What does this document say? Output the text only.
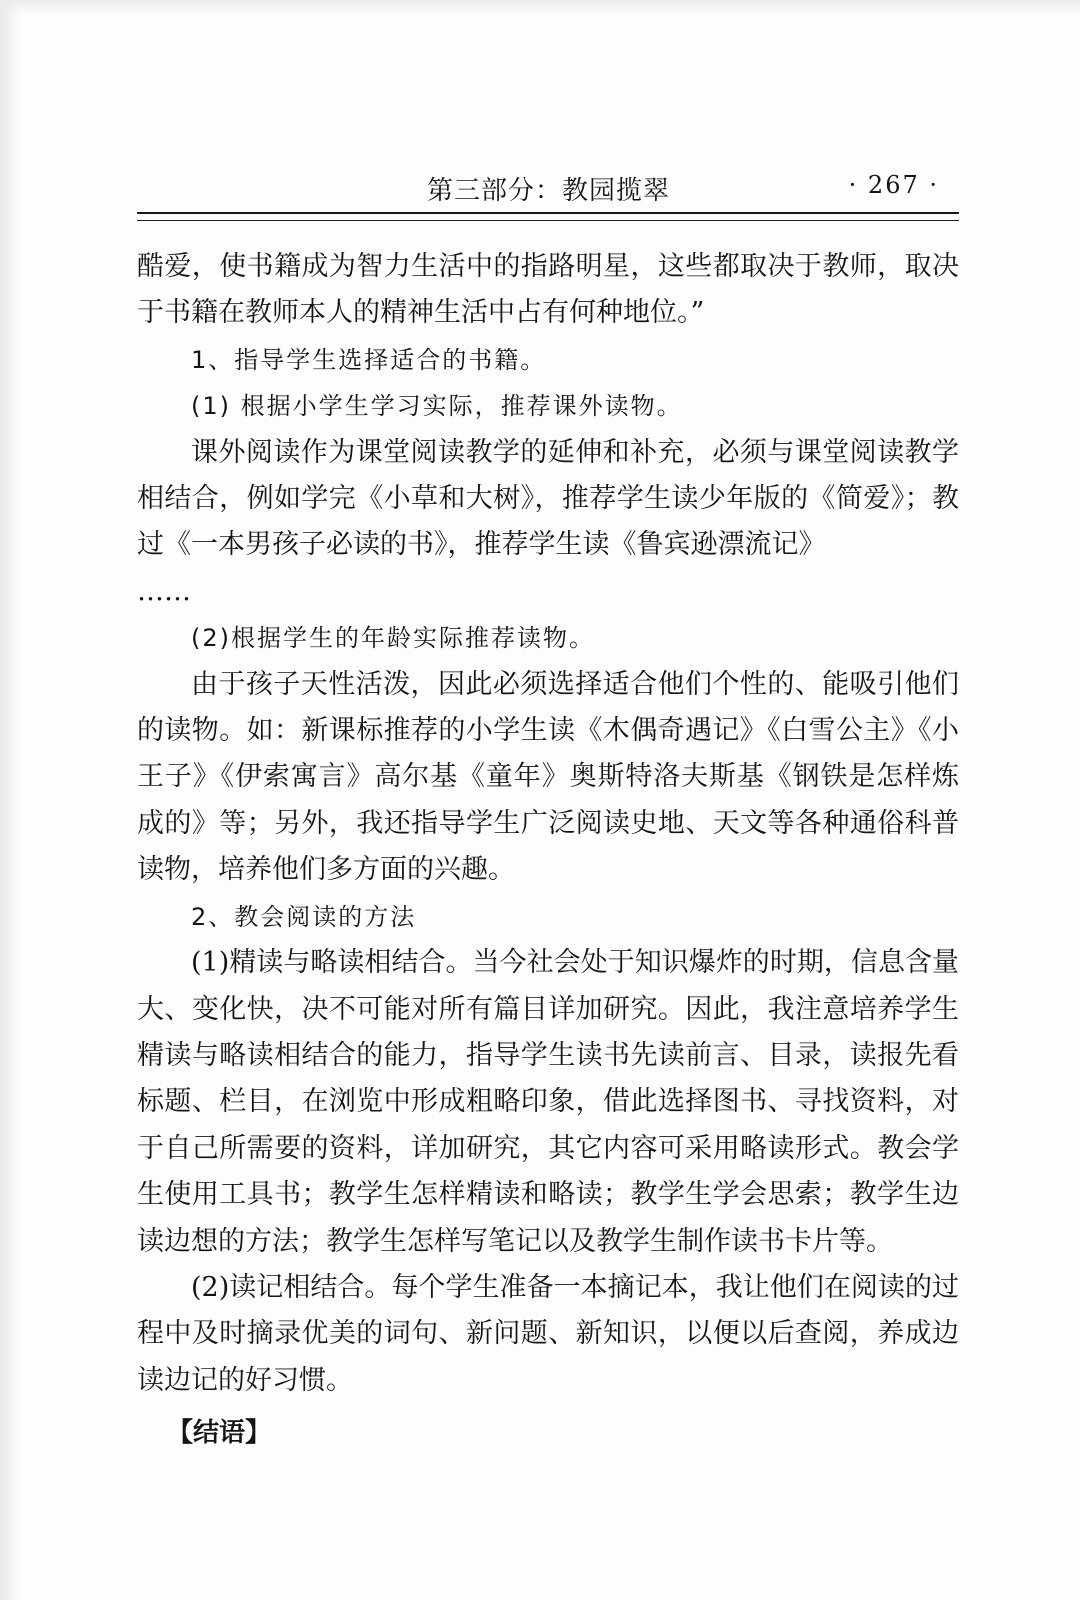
第三部分：教园揽翠	· 267 ·

酷爱，使书籍成为智力生活中的指路明星，这些都取决于教师，取决于书籍在教师本人的精神生活中占有何种地位。”

1、指导学生选择适合的书籍。

(1) 根据小学生学习实际，推荐课外读物。

课外阅读作为课堂阅读教学的延伸和补充，必须与课堂阅读教学相结合，例如学完《小草和大树》，推荐学生读少年版的《简爱》；教过《一本男孩子必读的书》，推荐学生读《鲁宾逊漂流记》

……

(2)根据学生的年龄实际推荐读物。

由于孩子天性活泼，因此必须选择适合他们个性的、能吸引他们的读物。如：新课标推荐的小学生读《木偶奇遇记》《白雪公主》《小王子》《伊索寓言》高尔基《童年》奥斯特洛夫斯基《钢铁是怎样炼成的》等；另外，我还指导学生广泛阅读史地、天文等各种通俗科普读物，培养他们多方面的兴趣。

2、教会阅读的方法

(1)精读与略读相结合。当今社会处于知识爆炸的时期，信息含量大、变化快，决不可能对所有篇目详加研究。因此，我注意培养学生精读与略读相结合的能力，指导学生读书先读前言、目录，读报先看标题、栏目，在浏览中形成粗略印象，借此选择图书、寻找资料，对于自己所需要的资料，详加研究，其它内容可采用略读形式。教会学生使用工具书；教学生怎样精读和略读；教学生学会思索；教学生边读边想的方法；教学生怎样写笔记以及教学生制作读书卡片等。

(2)读记相结合。每个学生准备一本摘记本，我让他们在阅读的过程中及时摘录优美的词句、新问题、新知识，以便以后查阅，养成边读边记的好习惯。

【结语】
